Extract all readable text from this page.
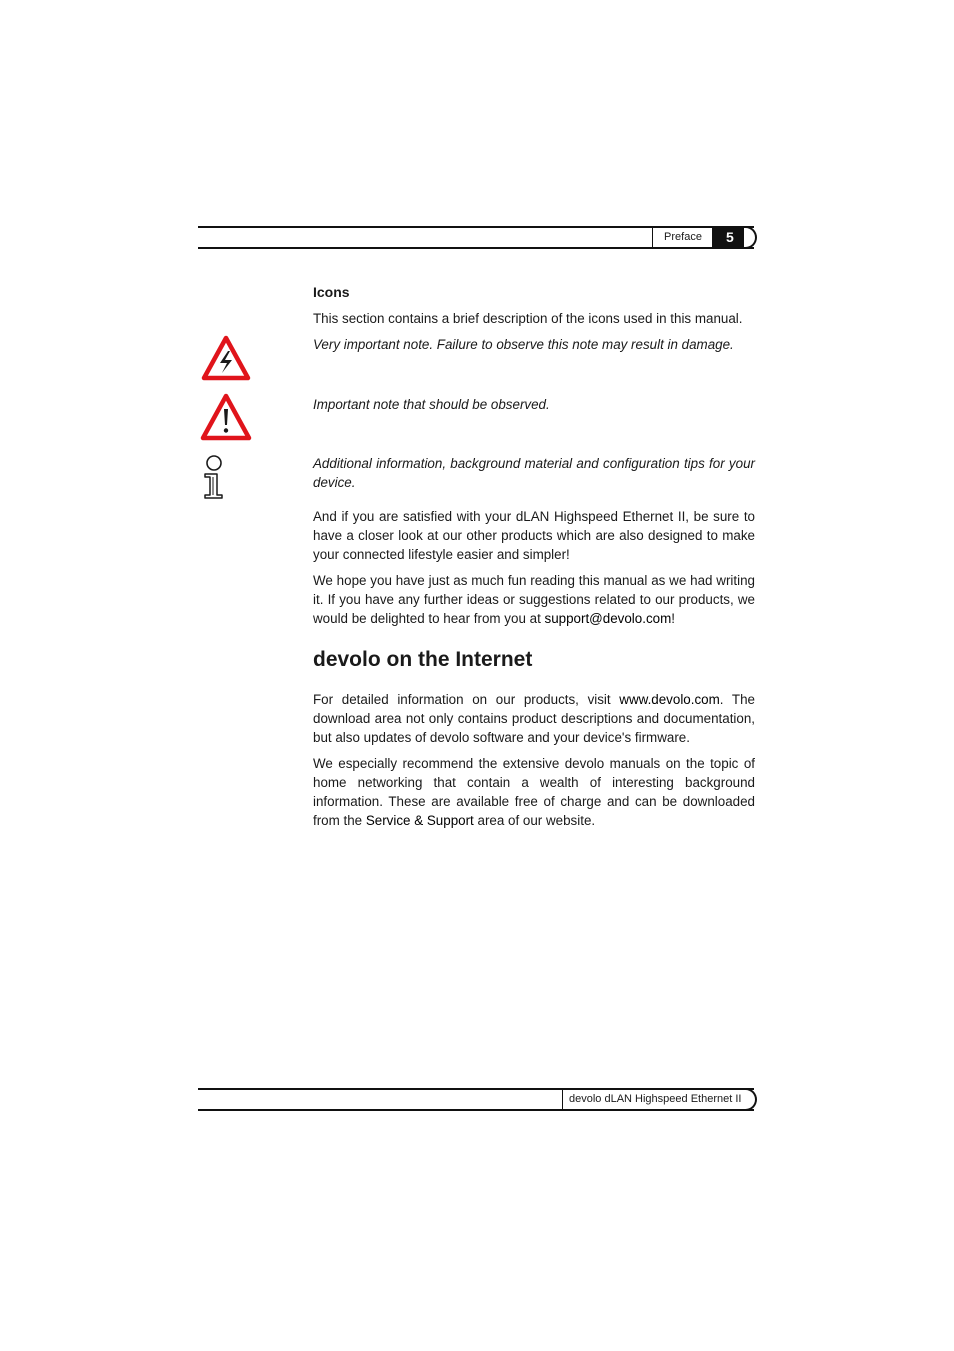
Preface	5
Icons
This section contains a brief description of the icons used in this manual.
Very important note. Failure to observe this note may result in damage.
Important note that should be observed.
Additional information, background material and configuration tips for your device.
And if you are satisfied with your dLAN Highspeed Ethernet II, be sure to have a closer look at our other products which are also designed to make your connected lifestyle easier and simpler!
We hope you have just as much fun reading this manual as we had writing it. If you have any further ideas or suggestions related to our products, we would be delighted to hear from you at support@devolo.com!
devolo on the Internet
For detailed information on our products, visit www.devolo.com. The download area not only contains product descriptions and documentation, but also updates of devolo software and your device's firmware.
We especially recommend the extensive devolo manuals on the topic of home networking that contain a wealth of interesting background information. These are available free of charge and can be downloaded from the Service & Support area of our website.
devolo dLAN Highspeed Ethernet II
